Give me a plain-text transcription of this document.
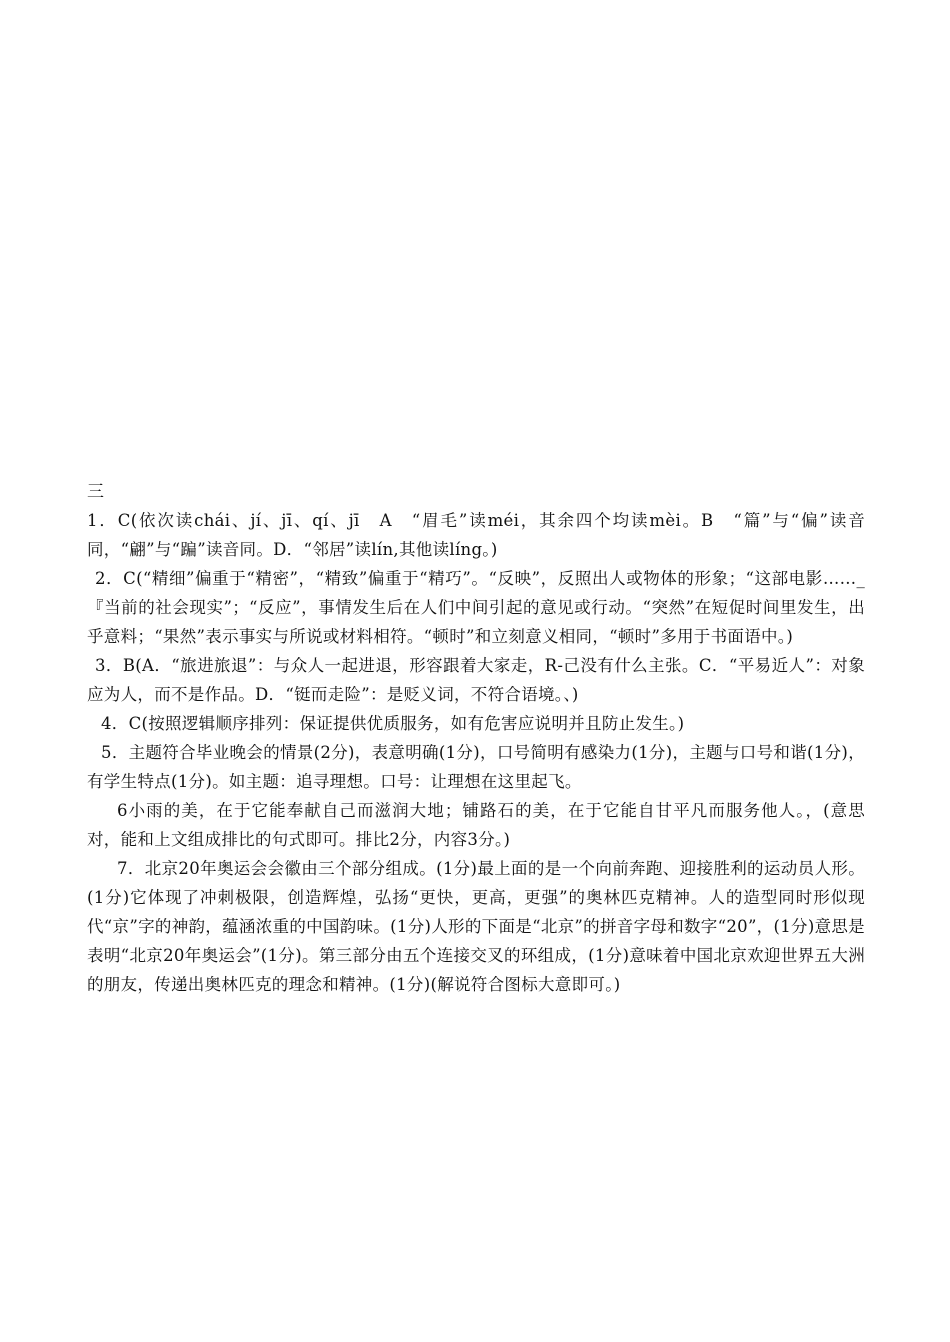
三

1．C(依次读chái、jí、jī、qí、jī　A　“眉毛”读méi，其余四个均读mèi。B　“篇”与“偏”读音同，“翩”与“蹁”读音同。D．“邻居”读lín,其他读líng。)

2．C(“精细”偏重于“精密”，“精致”偏重于“精巧”。“反映”，反照出人或物体的形象；“这部电影……_『当前的社会现实”；“反应”，事情发生后在人们中间引起的意见或行动。“突然”在短促时间里发生，出乎意料；“果然”表示事实与所说或材料相符。“顿时”和立刻意义相同，“顿时”多用于书面语中。)

3．B(A．“旅进旅退”：与众人一起进退，形容跟着大家走，R-己没有什么主张。C．“平易近人”：对象应为人，而不是作品。D．“铤而走险”：是贬义词，不符合语境。、)

4．C(按照逻辑顺序排列：保证提供优质服务，如有危害应说明并且防止发生。)

5．主题符合毕业晚会的情景(2分)，表意明确(1分)，口号简明有感染力(1分)，主题与口号和谐(1分)，有学生特点(1分)。如主题：追寻理想。口号：让理想在这里起飞。

6小雨的美，在于它能奉献自己而滋润大地；铺路石的美，在于它能自甘平凡而服务他人。，(意思对，能和上文组成排比的句式即可。排比2分，内容3分。)

7．北京20年奥运会会徽由三个部分组成。(1分)最上面的是一个向前奔跑、迎接胜利的运动员人形。(1分)它体现了冲刺极限，创造辉煌，弘扬“更快，更高，更强”的奥林匹克精神。人的造型同时形似现代“京”字的神韵，蕴涵浓重的中国韵味。(1分)人形的下面是“北京”的拼音字母和数字“20”，(1分)意思是表明“北京20年奥运会”(1分)。第三部分由五个连接交叉的环组成，(1分)意味着中国北京欢迎世界五大洲的朋友，传递出奥林匹克的理念和精神。(1分)(解说符合图标大意即可。)
